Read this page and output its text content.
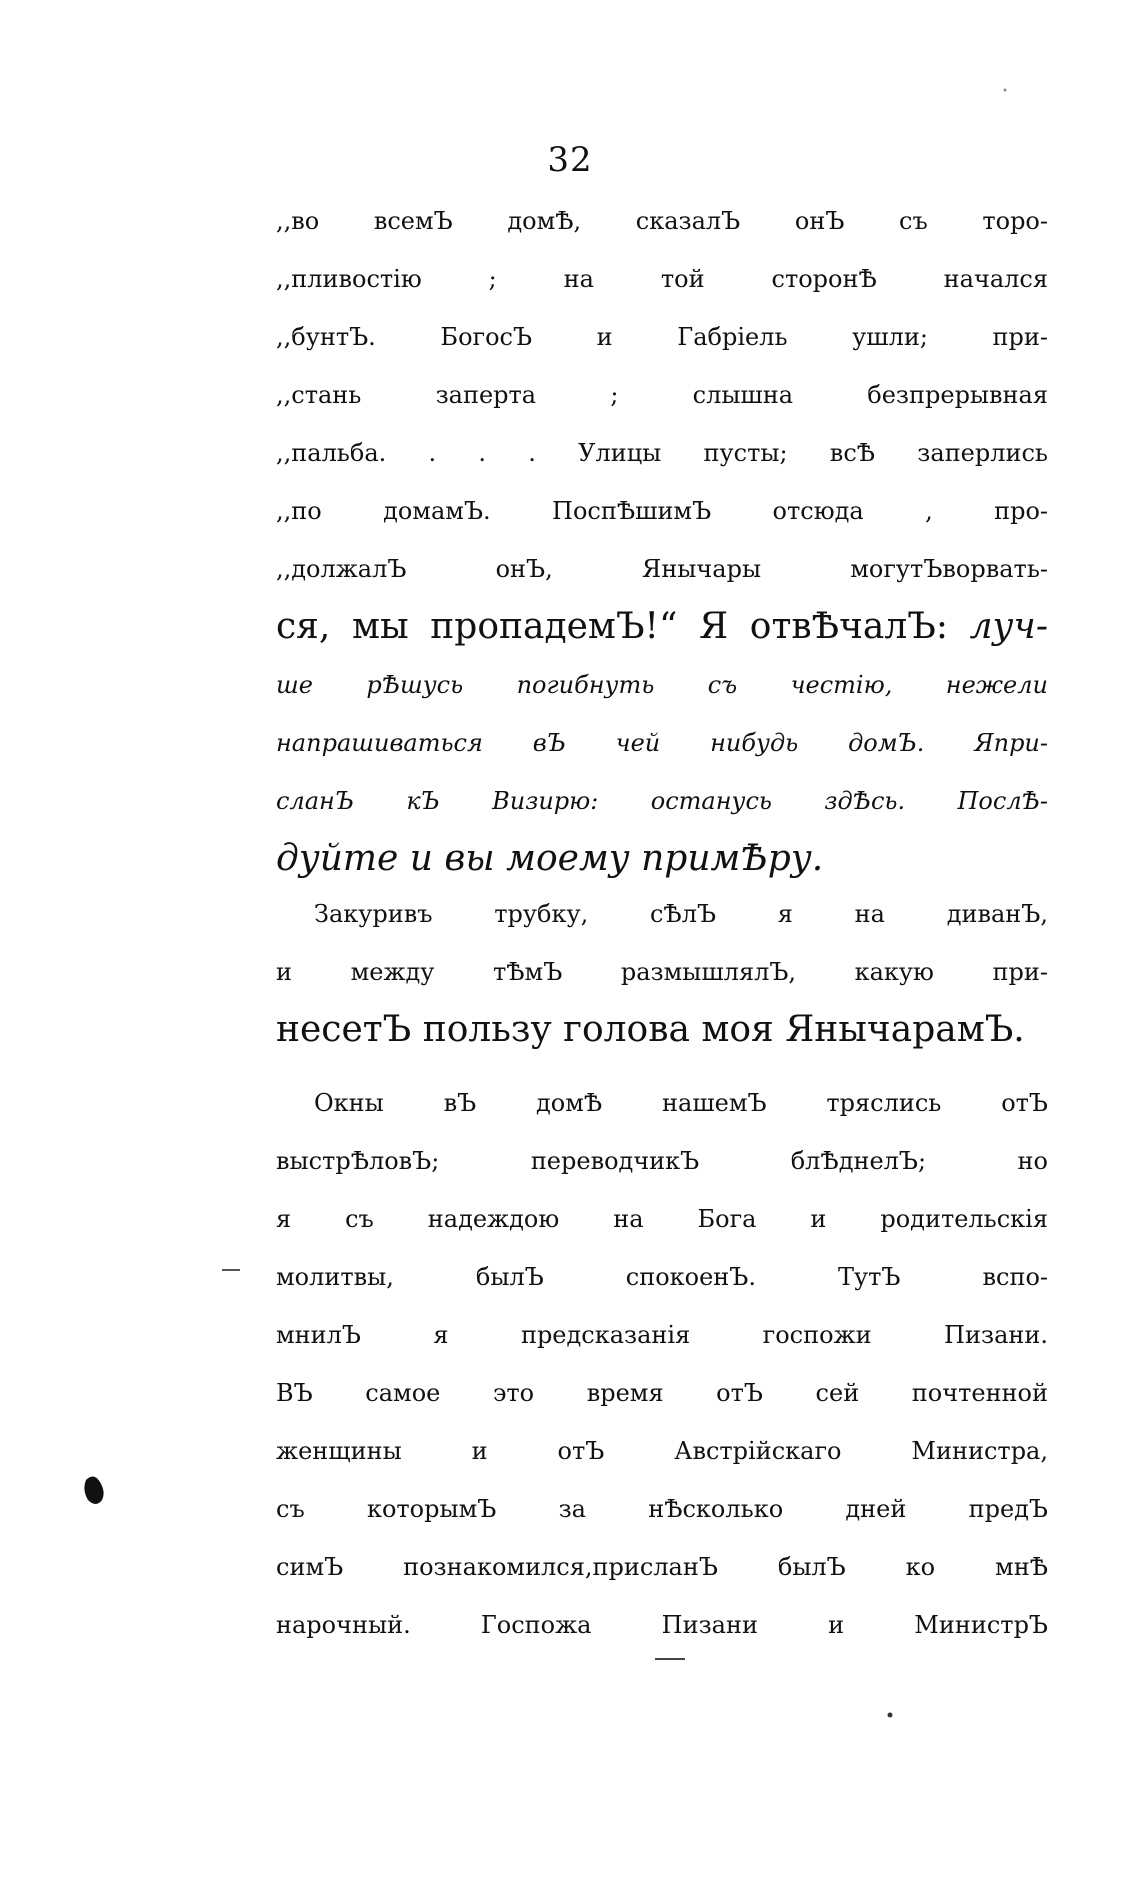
32
,,во всемЪ домѢ, сказалЪ онЪ съ торо-
,,пливостію ; на той сторонѢ начался
,,бунтЪ. БогосЪ и Габріель ушли; при-
,,стань заперта ; слышна безпрерывная
,,пальба. . . . Улицы пусты; всѢ заперлись
,,по домамЪ. ПоспѢшимЪ отсюда , про-
,,должалЪ онЪ, Янычары могутЪворвать-
ся, мы пропадемЪ!“ Я отвѢчалЪ: луч-
ше рѢшусь погибнуть съ честію, нежели
напрашиваться вЪ чей нибудь домЪ. Япри-
сланЪ кЪ Визирю: останусь здѢсь. ПослѢ-
дуйте и вы моему примѢру.
Закуривъ трубку, сѢлЪ я на диванЪ,
и между тѢмЪ размышлялЪ, какую при-
несетЪ пользу голова моя ЯнычарамЪ.
Окны вЪ домѢ нашемЪ тряслись отЪ
выстрѢловЪ; переводчикЪ блѢднелЪ; но
я съ надеждою на Бога и родительскія
молитвы, былЪ спокоенЪ. ТутЪ вспо-
мнилЪ я предсказанія госпожи Пизани.
ВЪ самое это время отЪ сей почтенной
женщины и отЪ Австрійскаго Министра,
съ которымЪ за нѢсколько дней предЪ
симЪ познакомился,присланЪ былЪ ко мнѢ
нарочный. Госпожа Пизани и МинистрЪ
